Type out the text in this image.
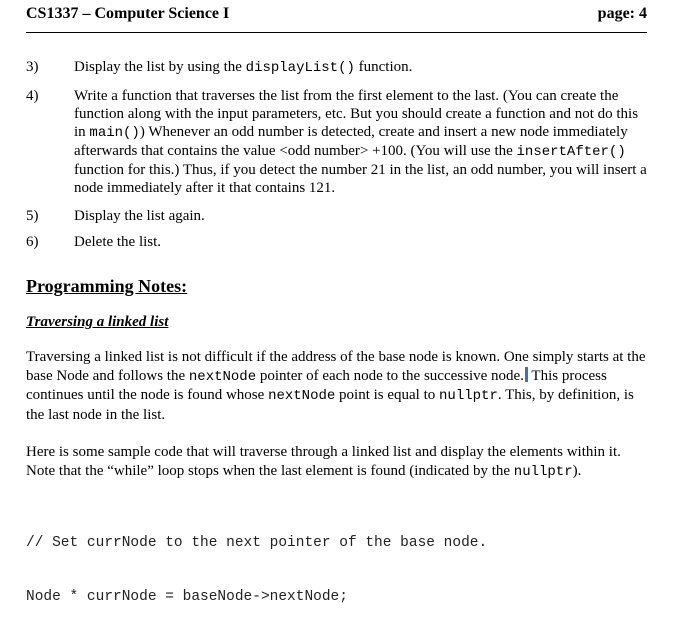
CS1337 – Computer Science I	page: 4
3) Display the list by using the displayList() function.
4) Write a function that traverses the list from the first element to the last. (You can create the function along with the input parameters, etc. But you should create a function and not do this in main()) Whenever an odd number is detected, create and insert a new node immediately afterwards that contains the value <odd number> +100. (You will use the insertAfter() function for this.) Thus, if you detect the number 21 in the list, an odd number, you will insert a node immediately after it that contains 121.
5) Display the list again.
6) Delete the list.
Programming Notes:
Traversing a linked list
Traversing a linked list is not difficult if the address of the base node is known. One simply starts at the base Node and follows the nextNode pointer of each node to the successive node. This process continues until the node is found whose nextNode point is equal to nullptr. This, by definition, is the last node in the list.
Here is some sample code that will traverse through a linked list and display the elements within it. Note that the “while” loop stops when the last element is found (indicated by the nullptr).

// Set currNode to the next pointer of the base node.

Node * currNode = baseNode->nextNode;
